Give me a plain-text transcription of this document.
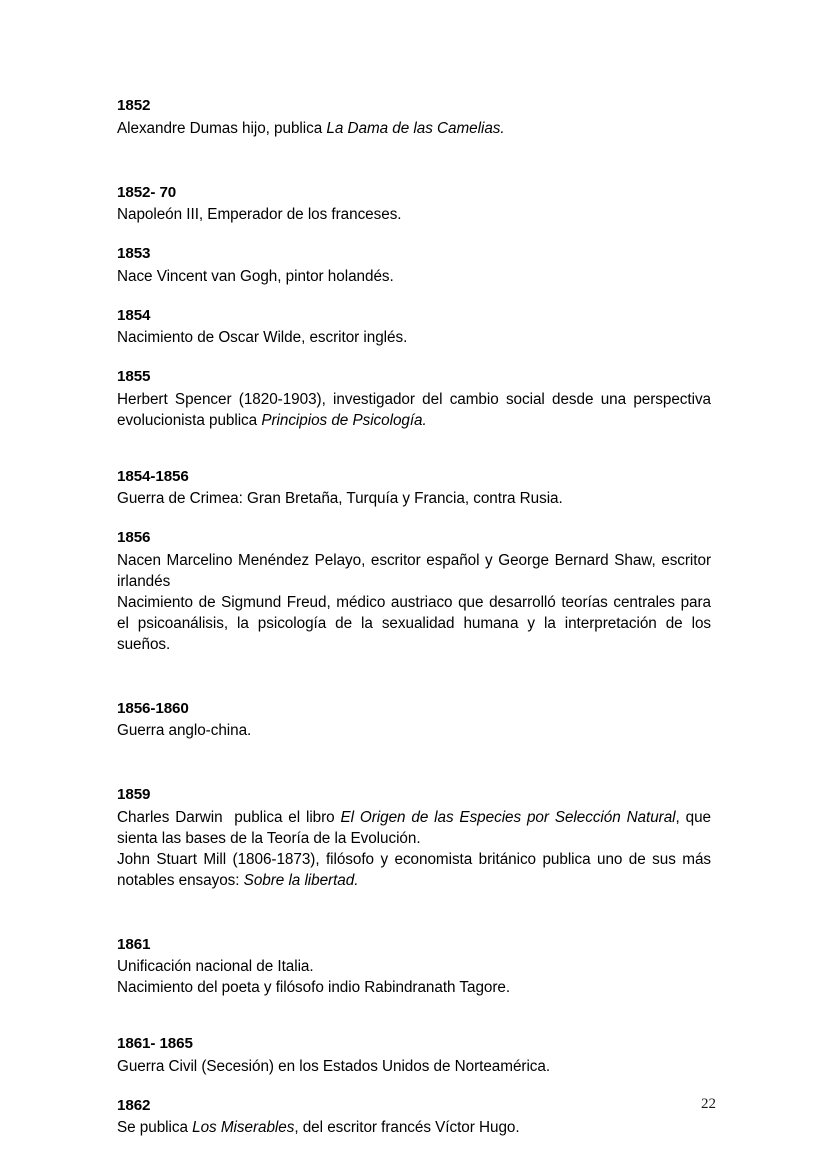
1852

Alexandre Dumas hijo, publica La Dama de las Camelias.

1852- 70

Napoleón III, Emperador de los franceses.

1853

Nace Vincent van Gogh, pintor holandés.

1854

Nacimiento de Oscar Wilde, escritor inglés.

1855

Herbert Spencer (1820-1903), investigador del cambio social desde una perspectiva evolucionista publica Principios de Psicología.

1854-1856

Guerra de Crimea: Gran Bretaña, Turquía y Francia, contra Rusia.

1856

Nacen Marcelino Menéndez Pelayo, escritor español y George Bernard Shaw, escritor irlandés

Nacimiento de Sigmund Freud, médico austriaco que desarrolló teorías centrales para el psicoanálisis, la psicología de la sexualidad humana y la interpretación de los sueños.

1856-1860

Guerra anglo-china.

1859

Charles Darwin  publica el libro El Origen de las Especies por Selección Natural, que sienta las bases de la Teoría de la Evolución.

John Stuart Mill (1806-1873), filósofo y economista británico publica uno de sus más notables ensayos: Sobre la libertad.

1861

Unificación nacional de Italia.

Nacimiento del poeta y filósofo indio Rabindranath Tagore.

1861- 1865

Guerra Civil (Secesión) en los Estados Unidos de Norteamérica.

1862

Se publica Los Miserables, del escritor francés Víctor Hugo.

22
